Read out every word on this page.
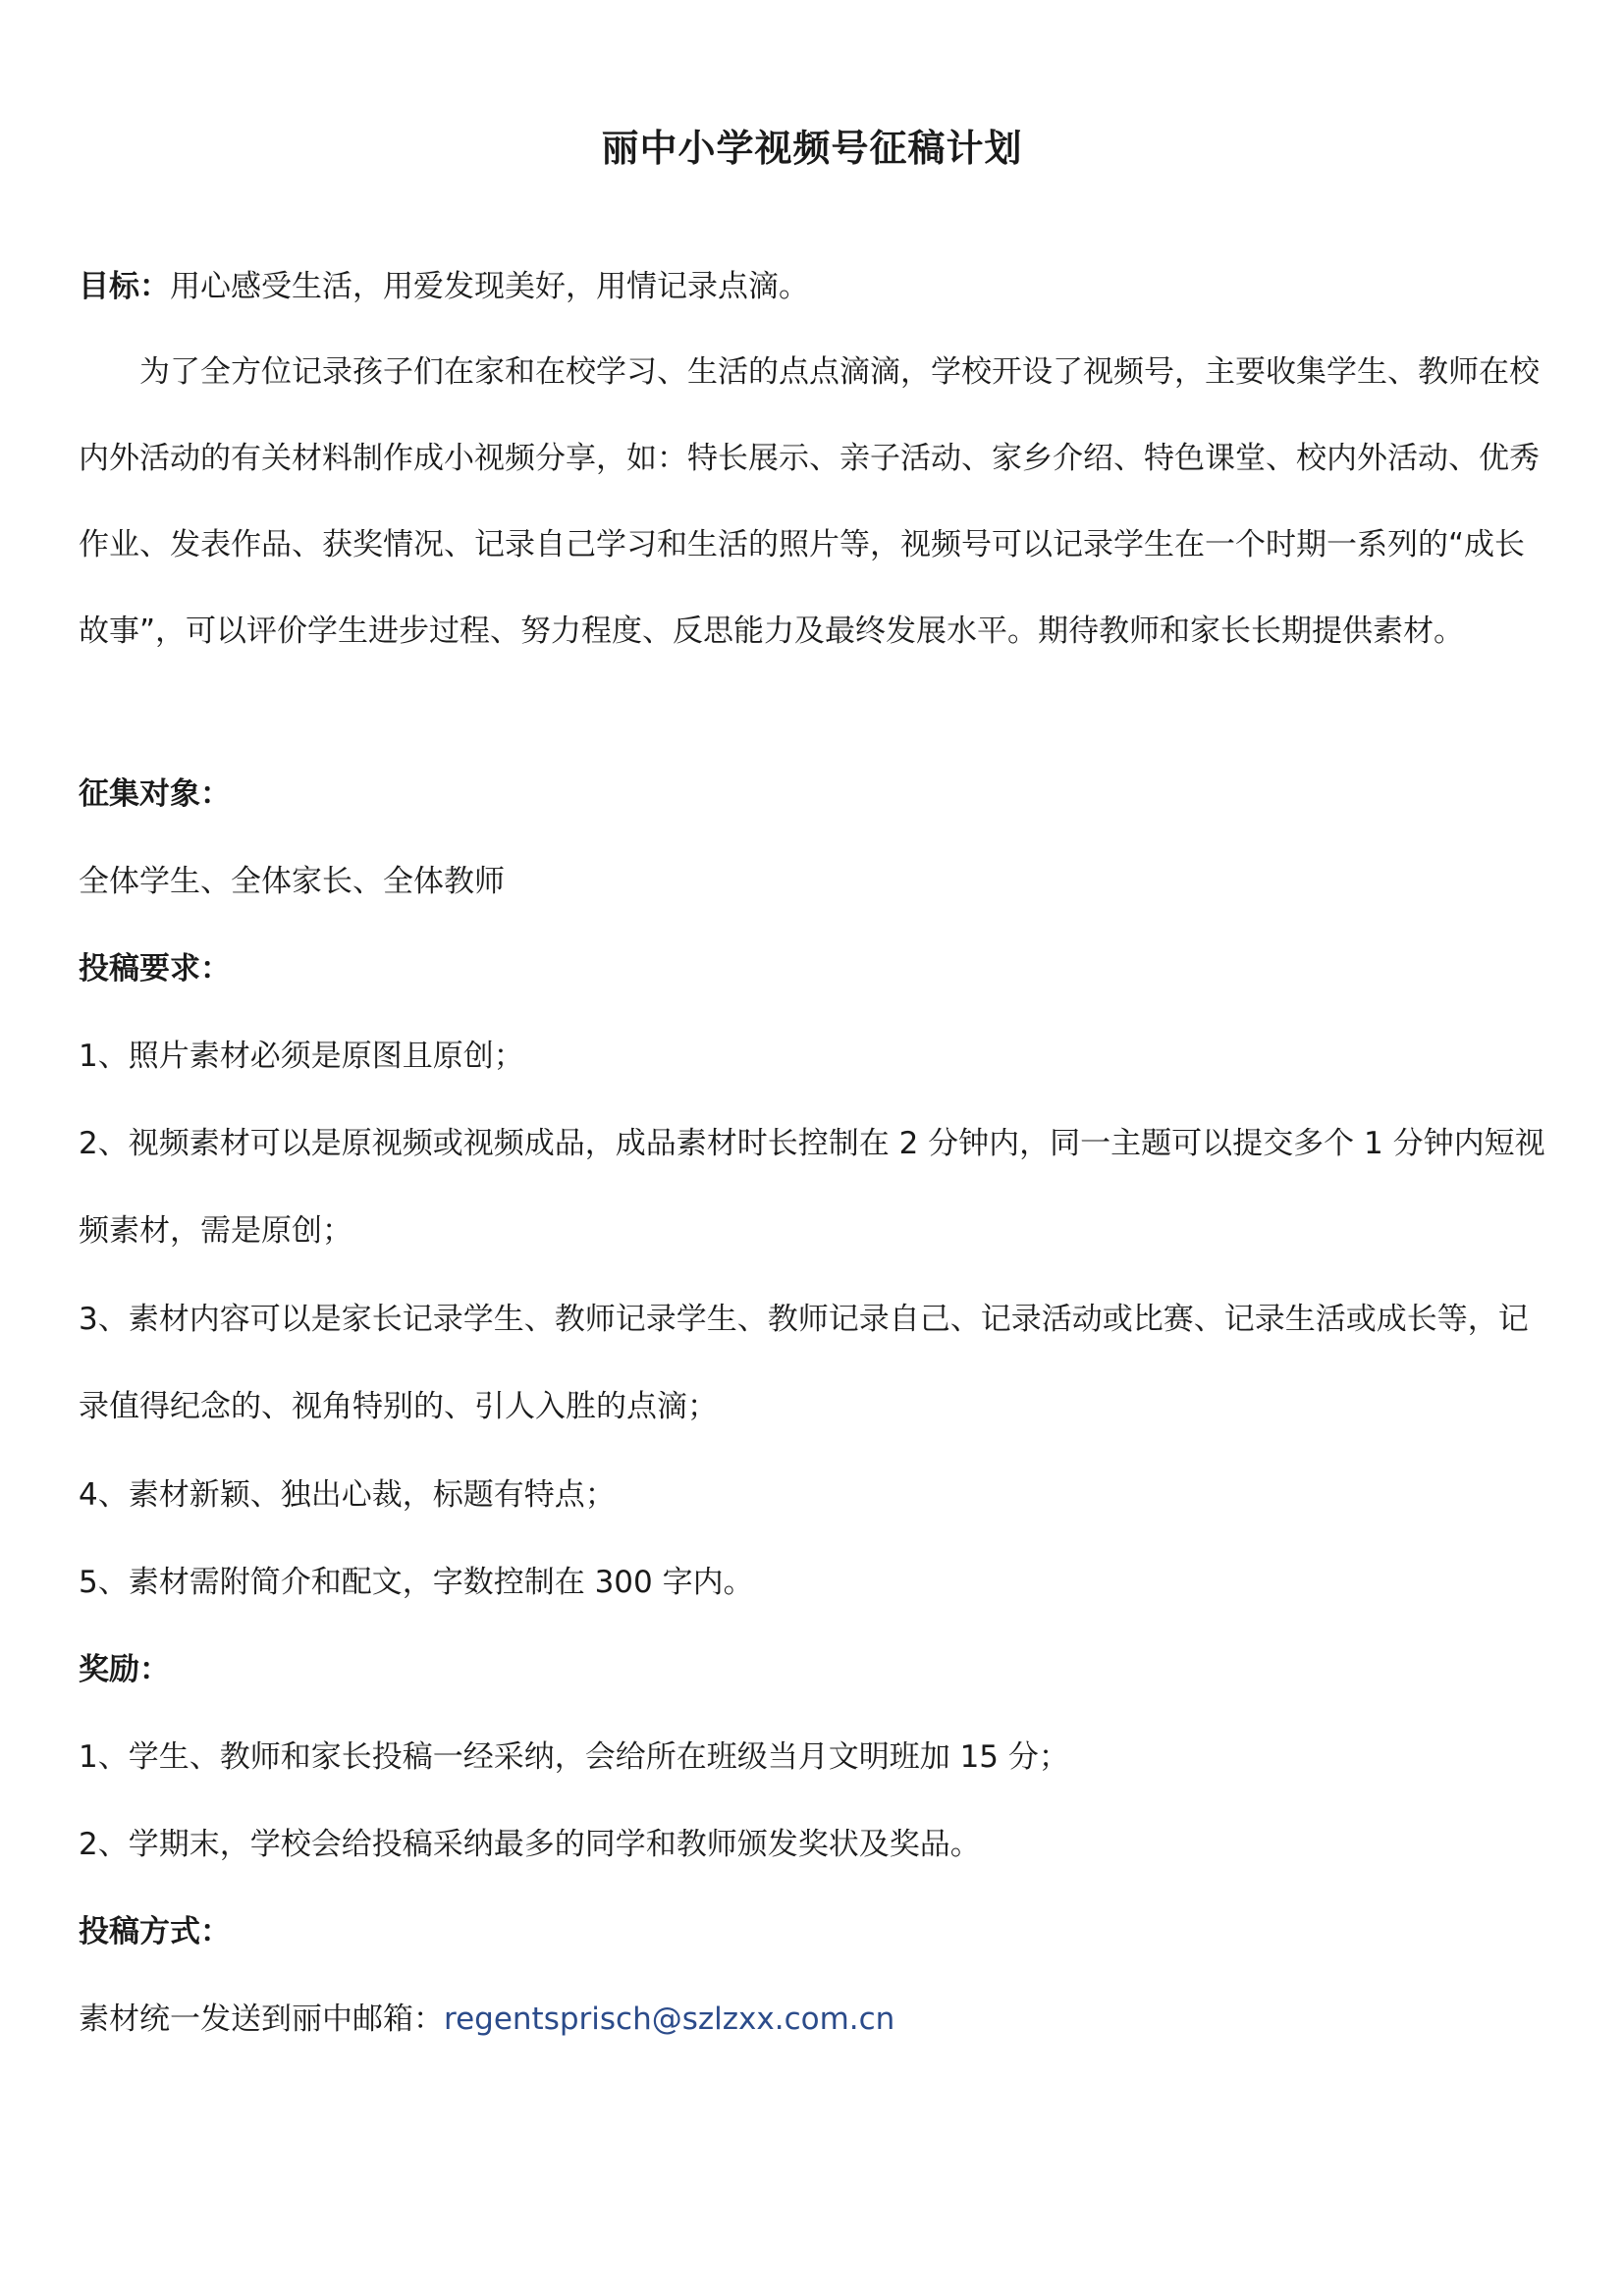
丽中小学视频号征稿计划

目标：用心感受生活，用爱发现美好，用情记录点滴。

为了全方位记录孩子们在家和在校学习、生活的点点滴滴，学校开设了视频号，主要收集学生、教师在校内外活动的有关材料制作成小视频分享，如：特长展示、亲子活动、家乡介绍、特色课堂、校内外活动、优秀作业、发表作品、获奖情况、记录自己学习和生活的照片等，视频号可以记录学生在一个时期一系列的“成长故事”，可以评价学生进步过程、努力程度、反思能力及最终发展水平。期待教师和家长长期提供素材。

征集对象：

全体学生、全体家长、全体教师

投稿要求：

1、照片素材必须是原图且原创；

2、视频素材可以是原视频或视频成品，成品素材时长控制在 2 分钟内，同一主题可以提交多个 1 分钟内短视频素材，需是原创；

3、素材内容可以是家长记录学生、教师记录学生、教师记录自己、记录活动或比赛、记录生活或成长等，记录值得纪念的、视角特别的、引人入胜的点滴；

4、素材新颖、独出心裁，标题有特点；

5、素材需附简介和配文，字数控制在 300 字内。

奖励：

1、学生、教师和家长投稿一经采纳，会给所在班级当月文明班加 15 分；

2、学期末，学校会给投稿采纳最多的同学和教师颁发奖状及奖品。

投稿方式：

素材统一发送到丽中邮箱：regentsprisch@szlzxx.com.cn
